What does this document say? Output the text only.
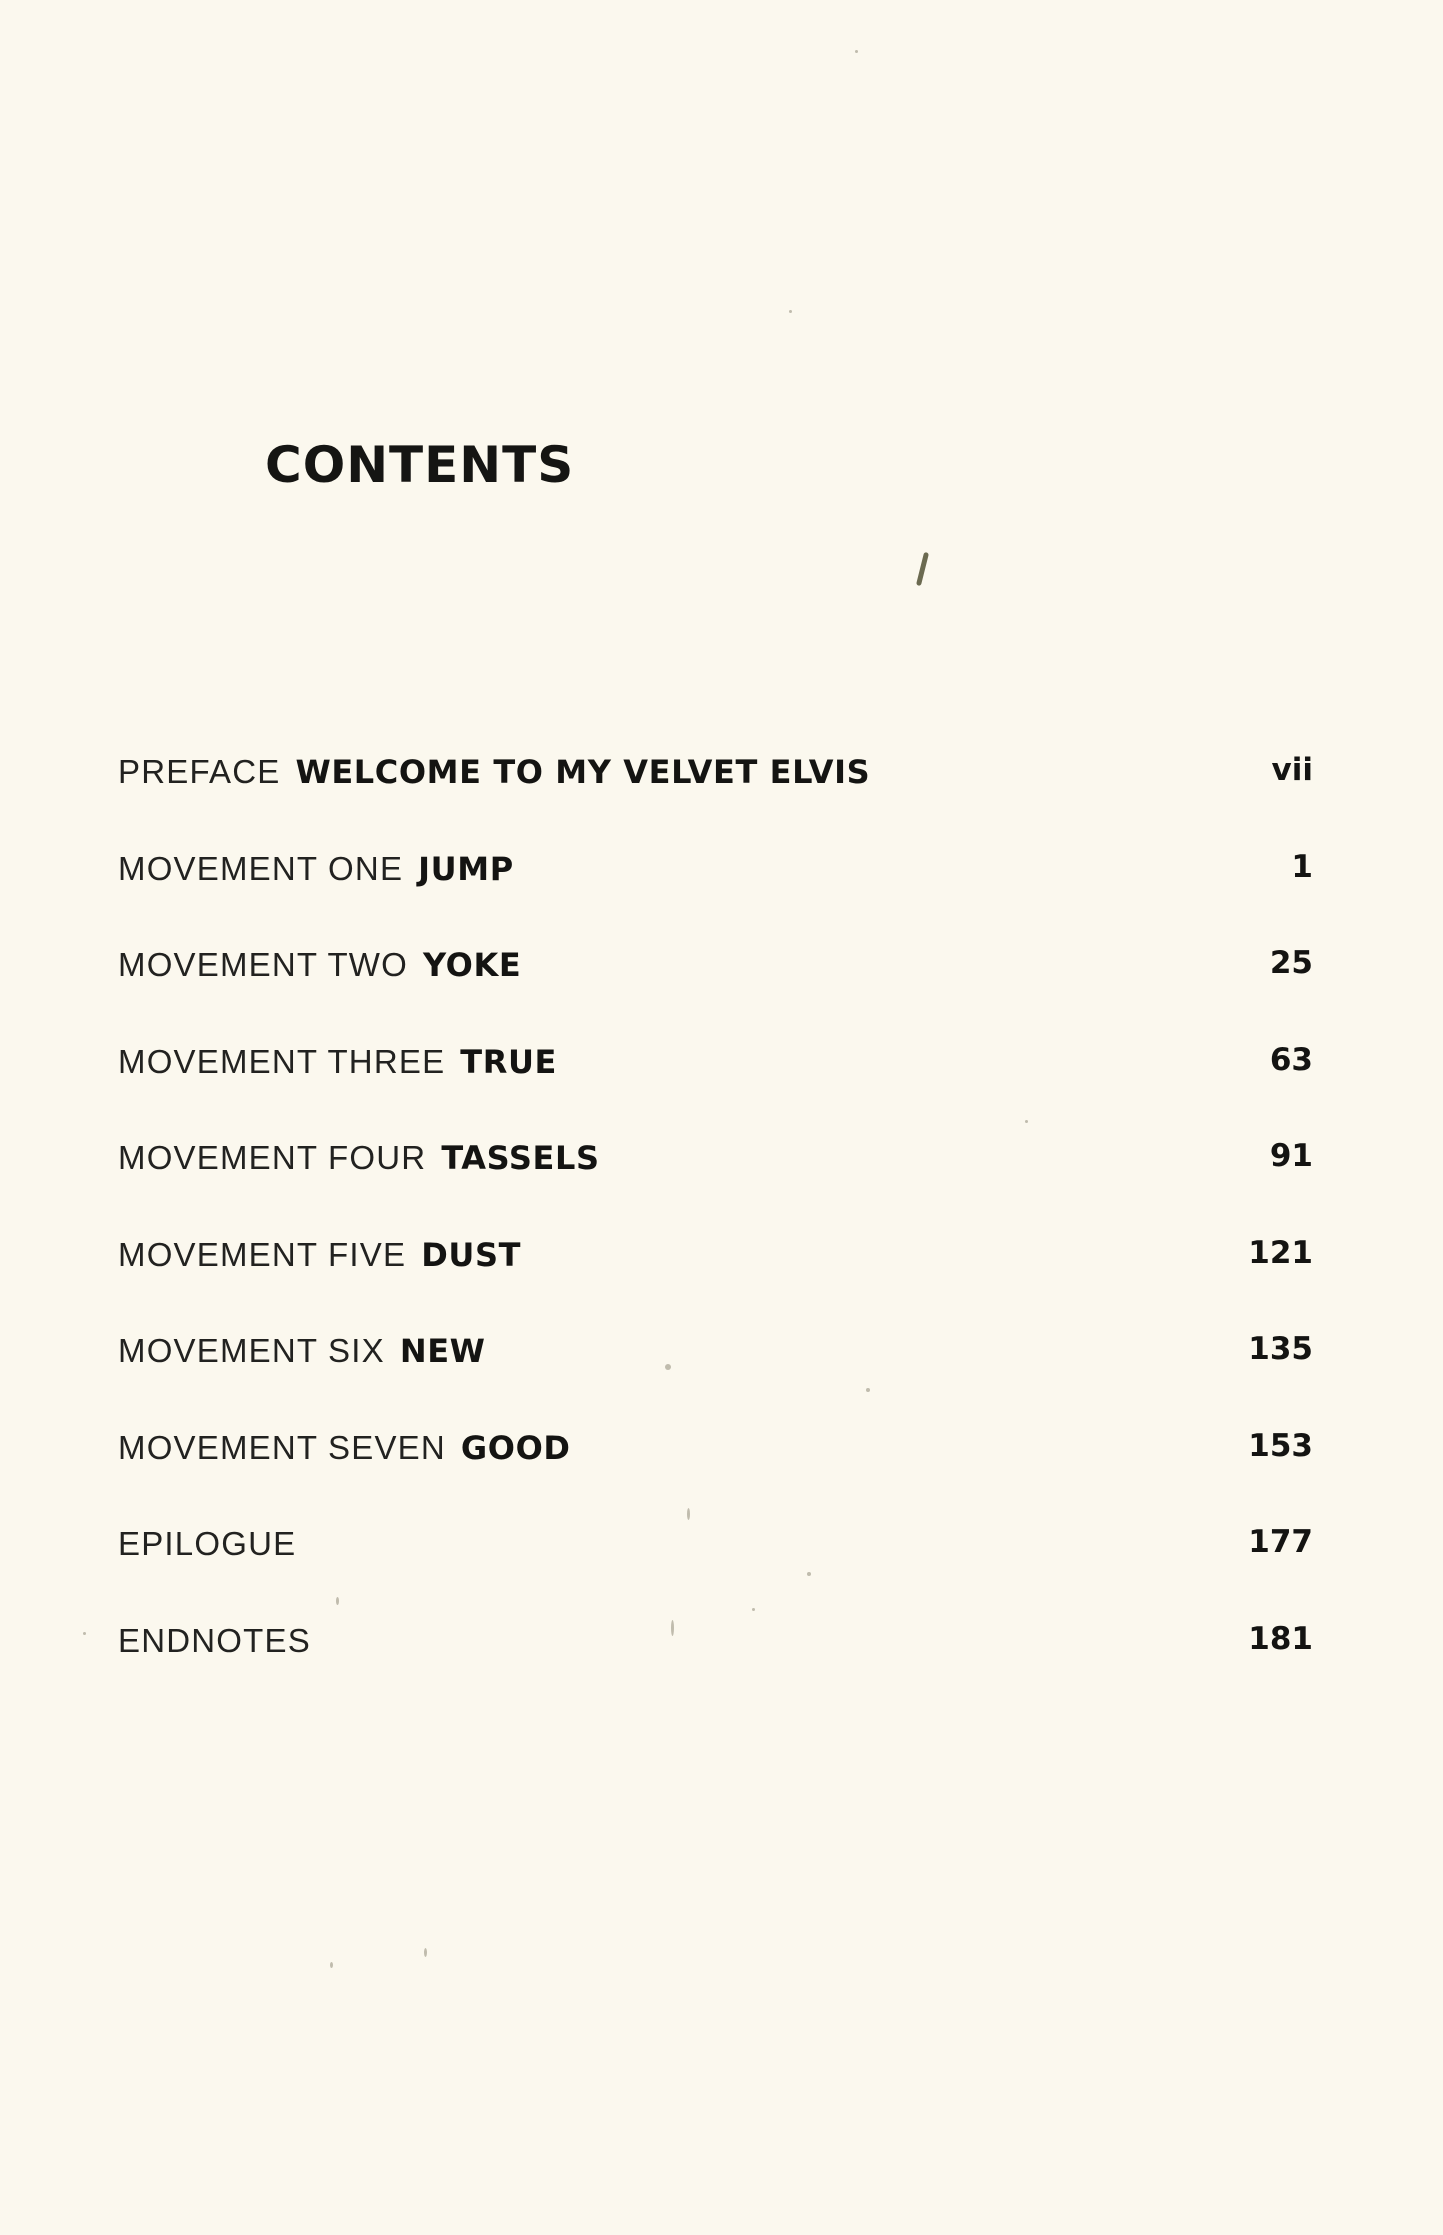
CONTENTS
PREFACE WELCOME TO MY VELVET ELVIS	vii
MOVEMENT ONE JUMP	1
MOVEMENT TWO YOKE	25
MOVEMENT THREE TRUE	63
MOVEMENT FOUR TASSELS	91
MOVEMENT FIVE DUST	121
MOVEMENT SIX NEW	135
MOVEMENT SEVEN GOOD	153
EPILOGUE	177
ENDNOTES	181
